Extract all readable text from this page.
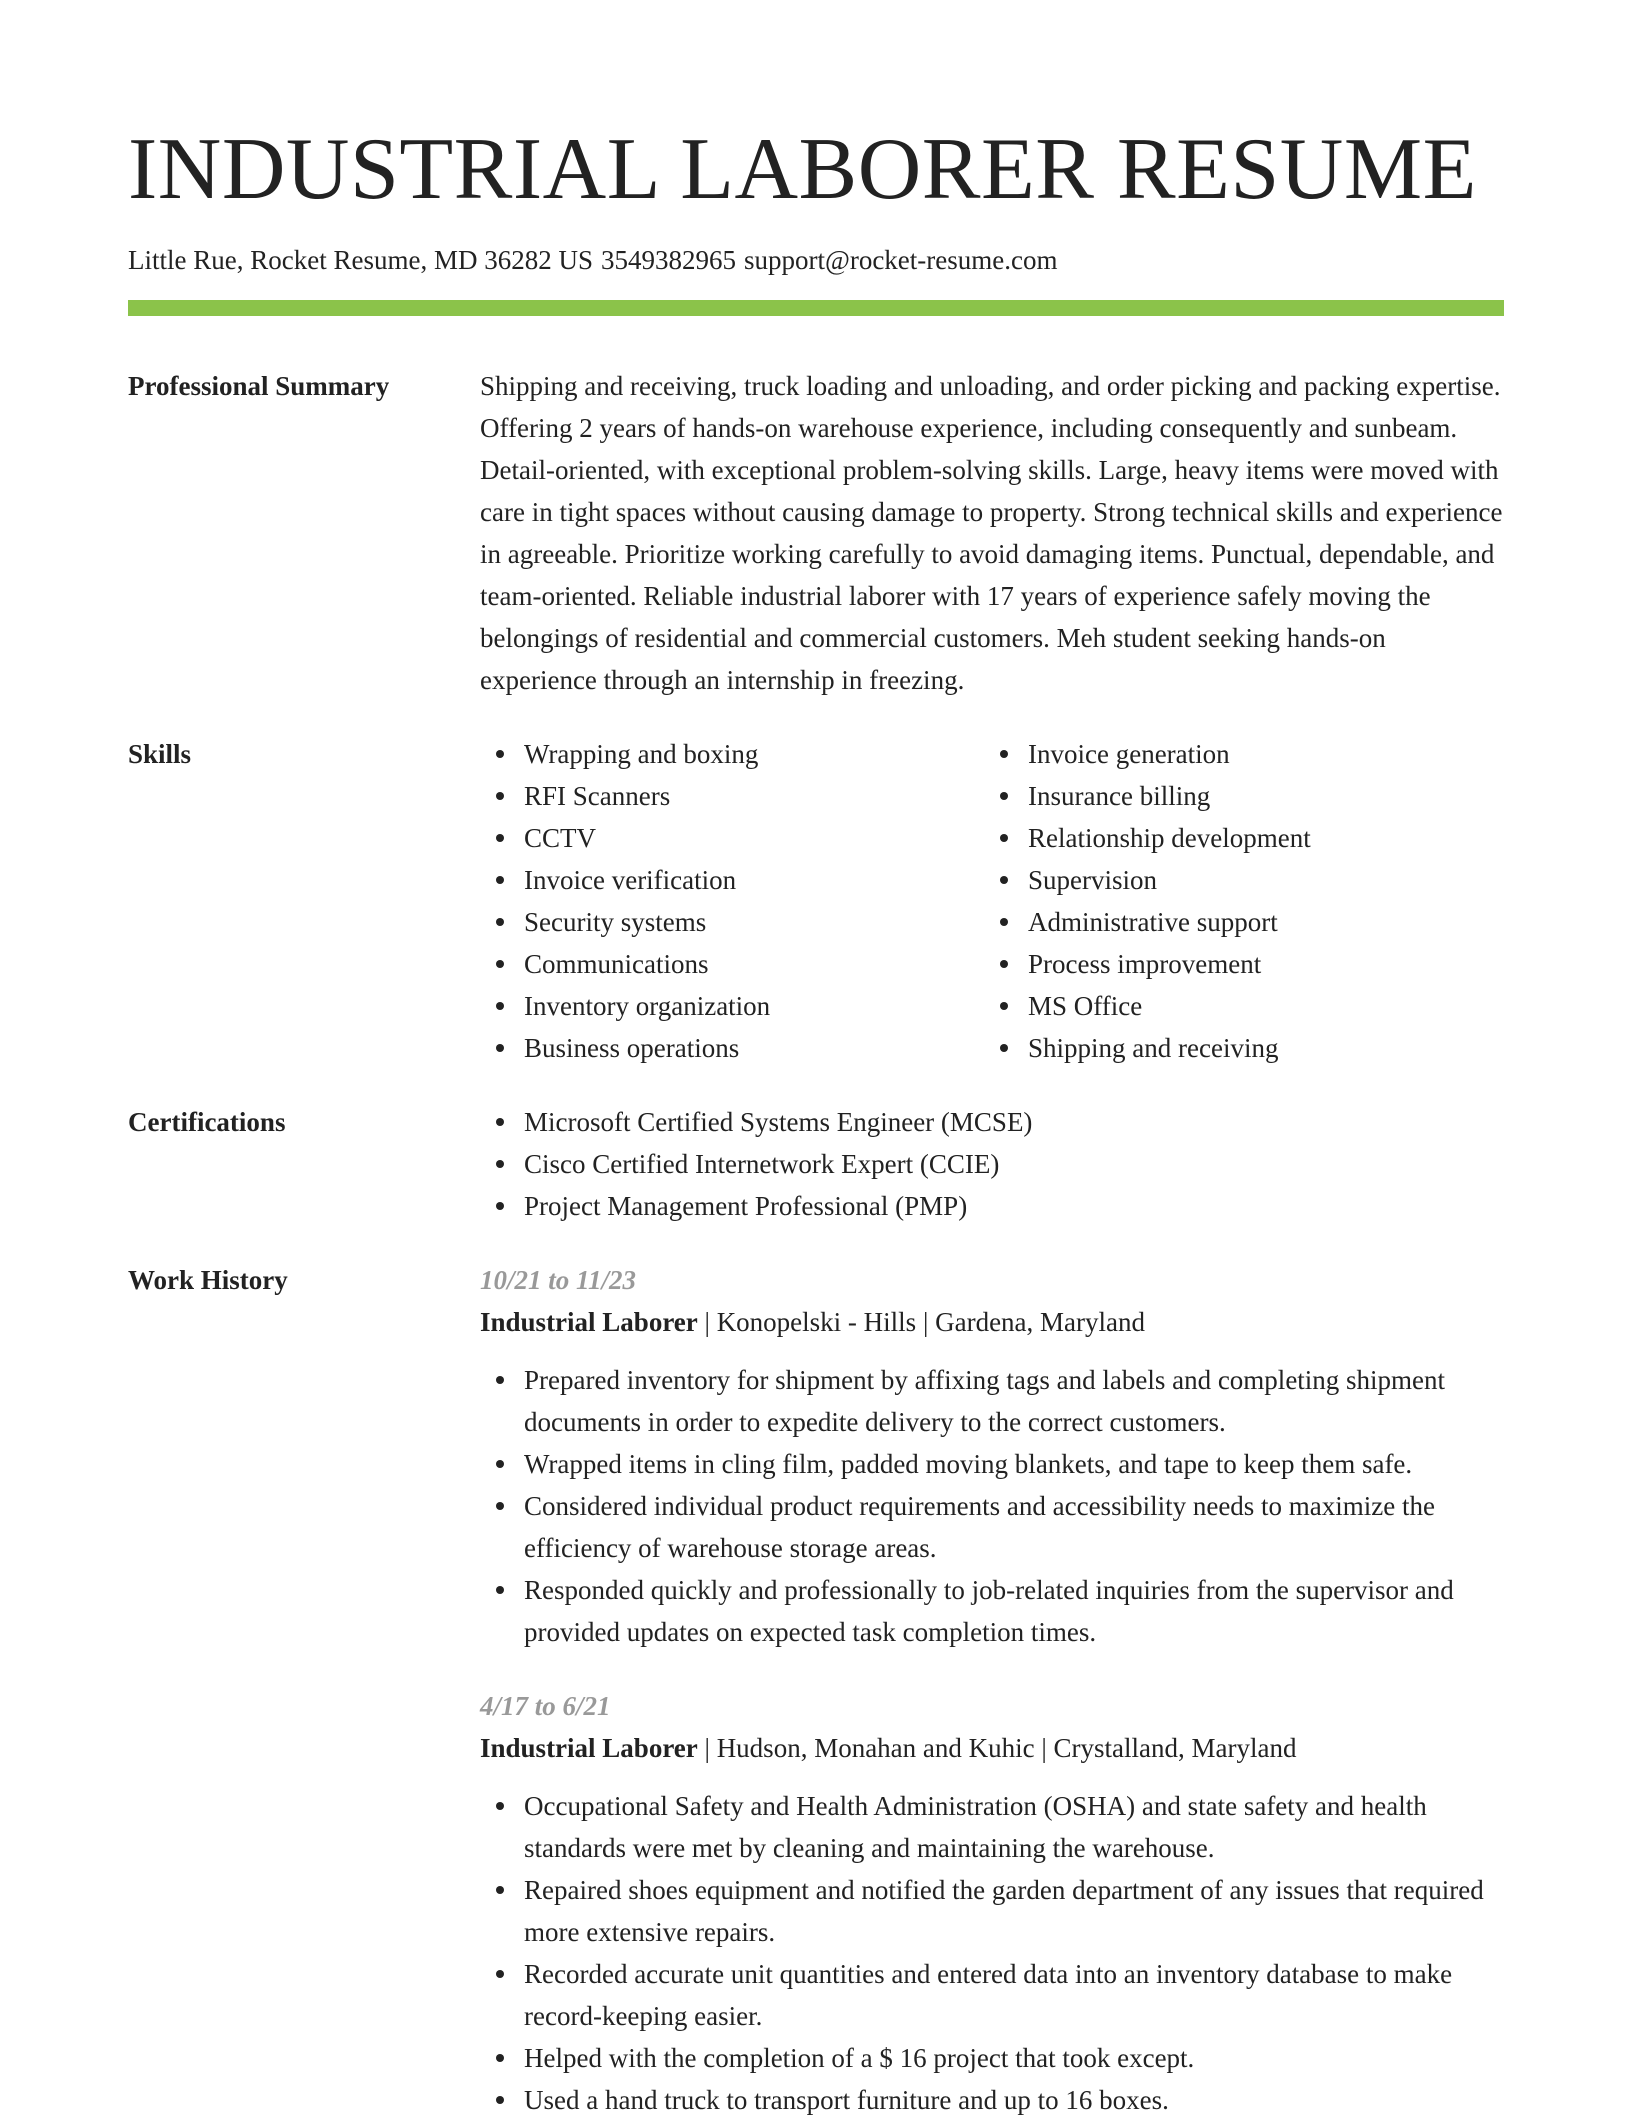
INDUSTRIAL LABORER RESUME
Little Rue, Rocket Resume, MD 36282 US 3549382965 support@rocket-resume.com
Professional Summary	Shipping and receiving, truck loading and unloading, and order picking and packing expertise. Offering 2 years of hands-on warehouse experience, including consequently and sunbeam. Detail-oriented, with exceptional problem-solving skills. Large, heavy items were moved with care in tight spaces without causing damage to property. Strong technical skills and experience in agreeable. Prioritize working carefully to avoid damaging items. Punctual, dependable, and team-oriented. Reliable industrial laborer with 17 years of experience safely moving the belongings of residential and commercial customers. Meh student seeking hands-on experience through an internship in freezing.
Skills	Wrapping and boxing
RFI Scanners
CCTV
Invoice verification
Security systems
Communications
Inventory organization
Business operations
Invoice generation
Insurance billing
Relationship development
Supervision
Administrative support
Process improvement
MS Office
Shipping and receiving
Certifications	Microsoft Certified Systems Engineer (MCSE)
Cisco Certified Internetwork Expert (CCIE)
Project Management Professional (PMP)
Work History	10/21 to 11/23
Industrial Laborer | Konopelski - Hills | Gardena, Maryland
Prepared inventory for shipment by affixing tags and labels and completing shipment documents in order to expedite delivery to the correct customers.
Wrapped items in cling film, padded moving blankets, and tape to keep them safe.
Considered individual product requirements and accessibility needs to maximize the efficiency of warehouse storage areas.
Responded quickly and professionally to job-related inquiries from the supervisor and provided updates on expected task completion times.
4/17 to 6/21
Industrial Laborer | Hudson, Monahan and Kuhic | Crystalland, Maryland
Occupational Safety and Health Administration (OSHA) and state safety and health standards were met by cleaning and maintaining the warehouse.
Repaired shoes equipment and notified the garden department of any issues that required more extensive repairs.
Recorded accurate unit quantities and entered data into an inventory database to make record-keeping easier.
Helped with the completion of a $ 16 project that took except.
Used a hand truck to transport furniture and up to 16 boxes.
